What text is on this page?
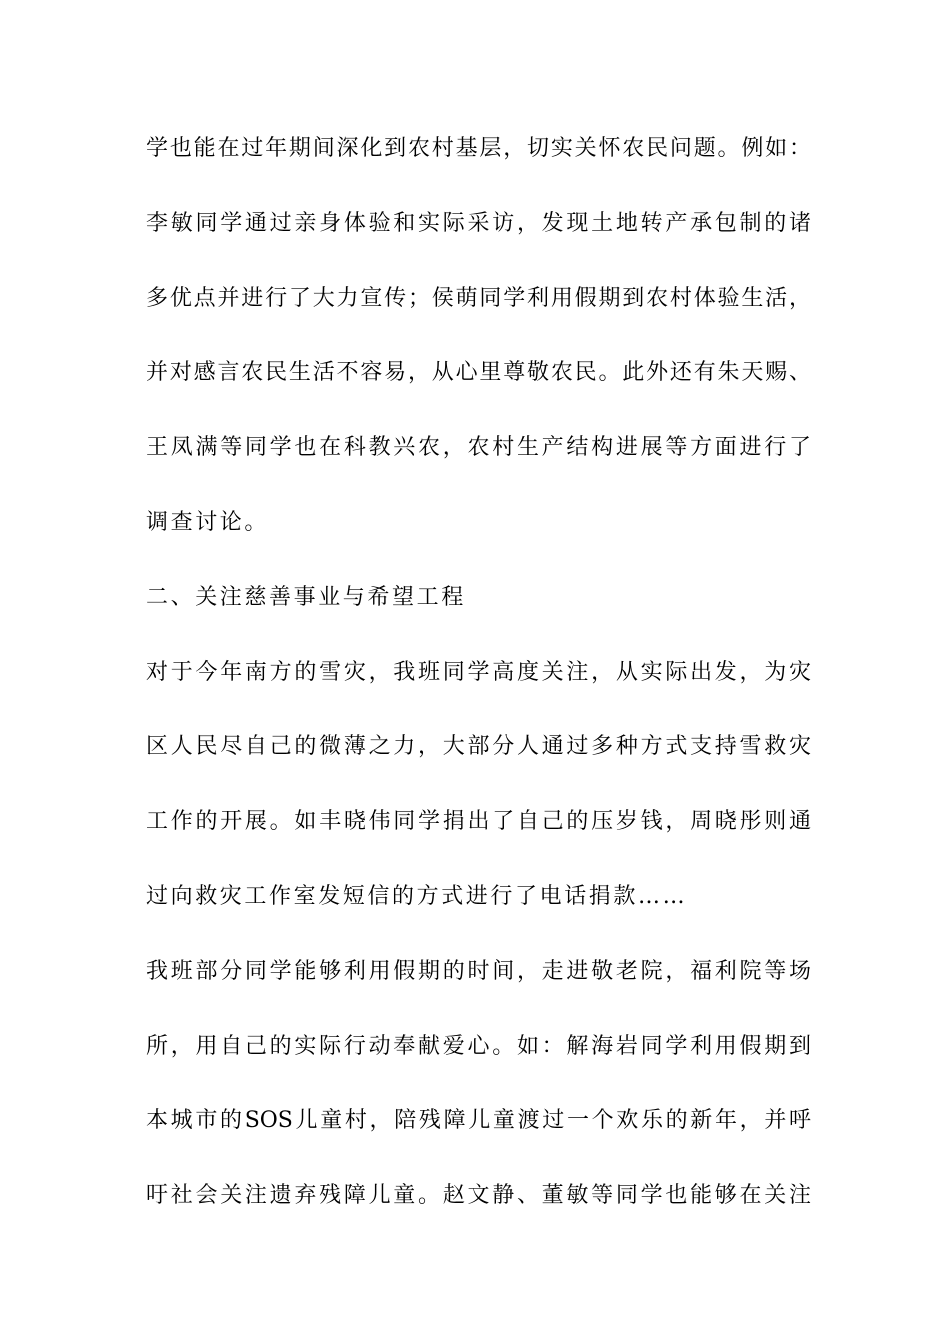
学也能在过年期间深化到农村基层，切实关怀农民问题。例如：
李敏同学通过亲身体验和实际采访，发现土地转产承包制的诸
多优点并进行了大力宣传；侯萌同学利用假期到农村体验生活，
并对感言农民生活不容易，从心里尊敬农民。此外还有朱天赐、
王凤满等同学也在科教兴农，农村生产结构进展等方面进行了
调查讨论。
二、关注慈善事业与希望工程
对于今年南方的雪灾，我班同学高度关注，从实际出发，为灾
区人民尽自己的微薄之力，大部分人通过多种方式支持雪救灾
工作的开展。如丰晓伟同学捐出了自己的压岁钱，周晓彤则通
过向救灾工作室发短信的方式进行了电话捐款……
我班部分同学能够利用假期的时间，走进敬老院，福利院等场
所，用自己的实际行动奉献爱心。如：解海岩同学利用假期到
本城市的SOS儿童村，陪残障儿童渡过一个欢乐的新年，并呼
吁社会关注遗弃残障儿童。赵文静、董敏等同学也能够在关注
